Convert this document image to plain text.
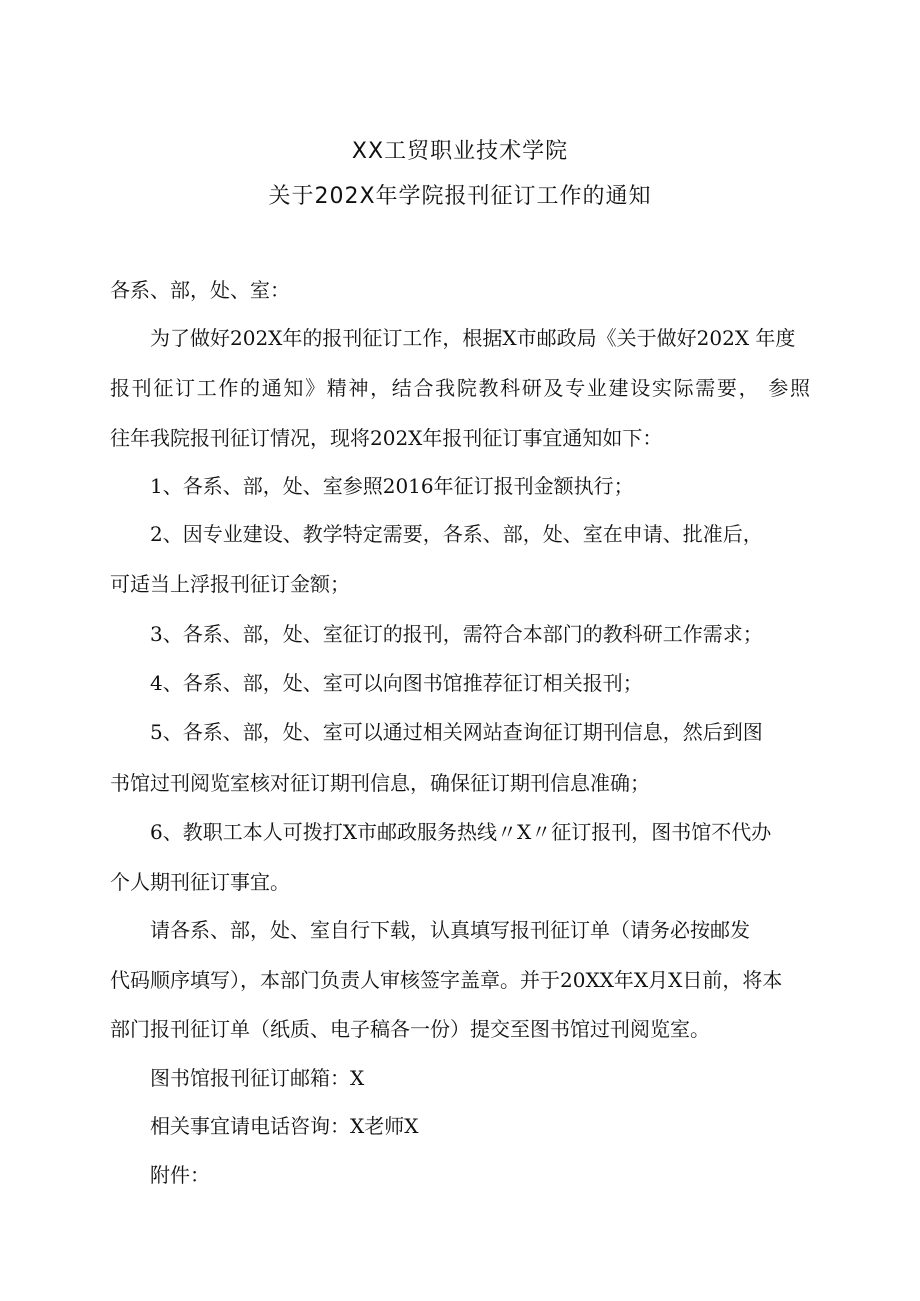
XX工贸职业技术学院
关于202X年学院报刊征订工作的通知
各系、部，处、室：
为了做好202X年的报刊征订工作，根据X市邮政局《关于做好202X 年度
报刊征订工作的通知》精神，结合我院教科研及专业建设实际需要， 参照
往年我院报刊征订情况，现将202X年报刊征订事宜通知如下：
1、各系、部，处、室参照2016年征订报刊金额执行；
2、因专业建设、教学特定需要，各系、部，处、室在申请、批准后，
可适当上浮报刊征订金额；
3、各系、部，处、室征订的报刊，需符合本部门的教科研工作需求；
4、各系、部，处、室可以向图书馆推荐征订相关报刊；
5、各系、部，处、室可以通过相关网站查询征订期刊信息，然后到图
书馆过刊阅览室核对征订期刊信息，确保征订期刊信息准确；
6、教职工本人可拨打X市邮政服务热线〃X〃征订报刊，图书馆不代办
个人期刊征订事宜。
请各系、部，处、室自行下载，认真填写报刊征订单（请务必按邮发
代码顺序填写），本部门负责人审核签字盖章。并于20XX年X月X日前，将本
部门报刊征订单（纸质、电子稿各一份）提交至图书馆过刊阅览室。
图书馆报刊征订邮箱：X
相关事宜请电话咨询：X老师X
附件：
